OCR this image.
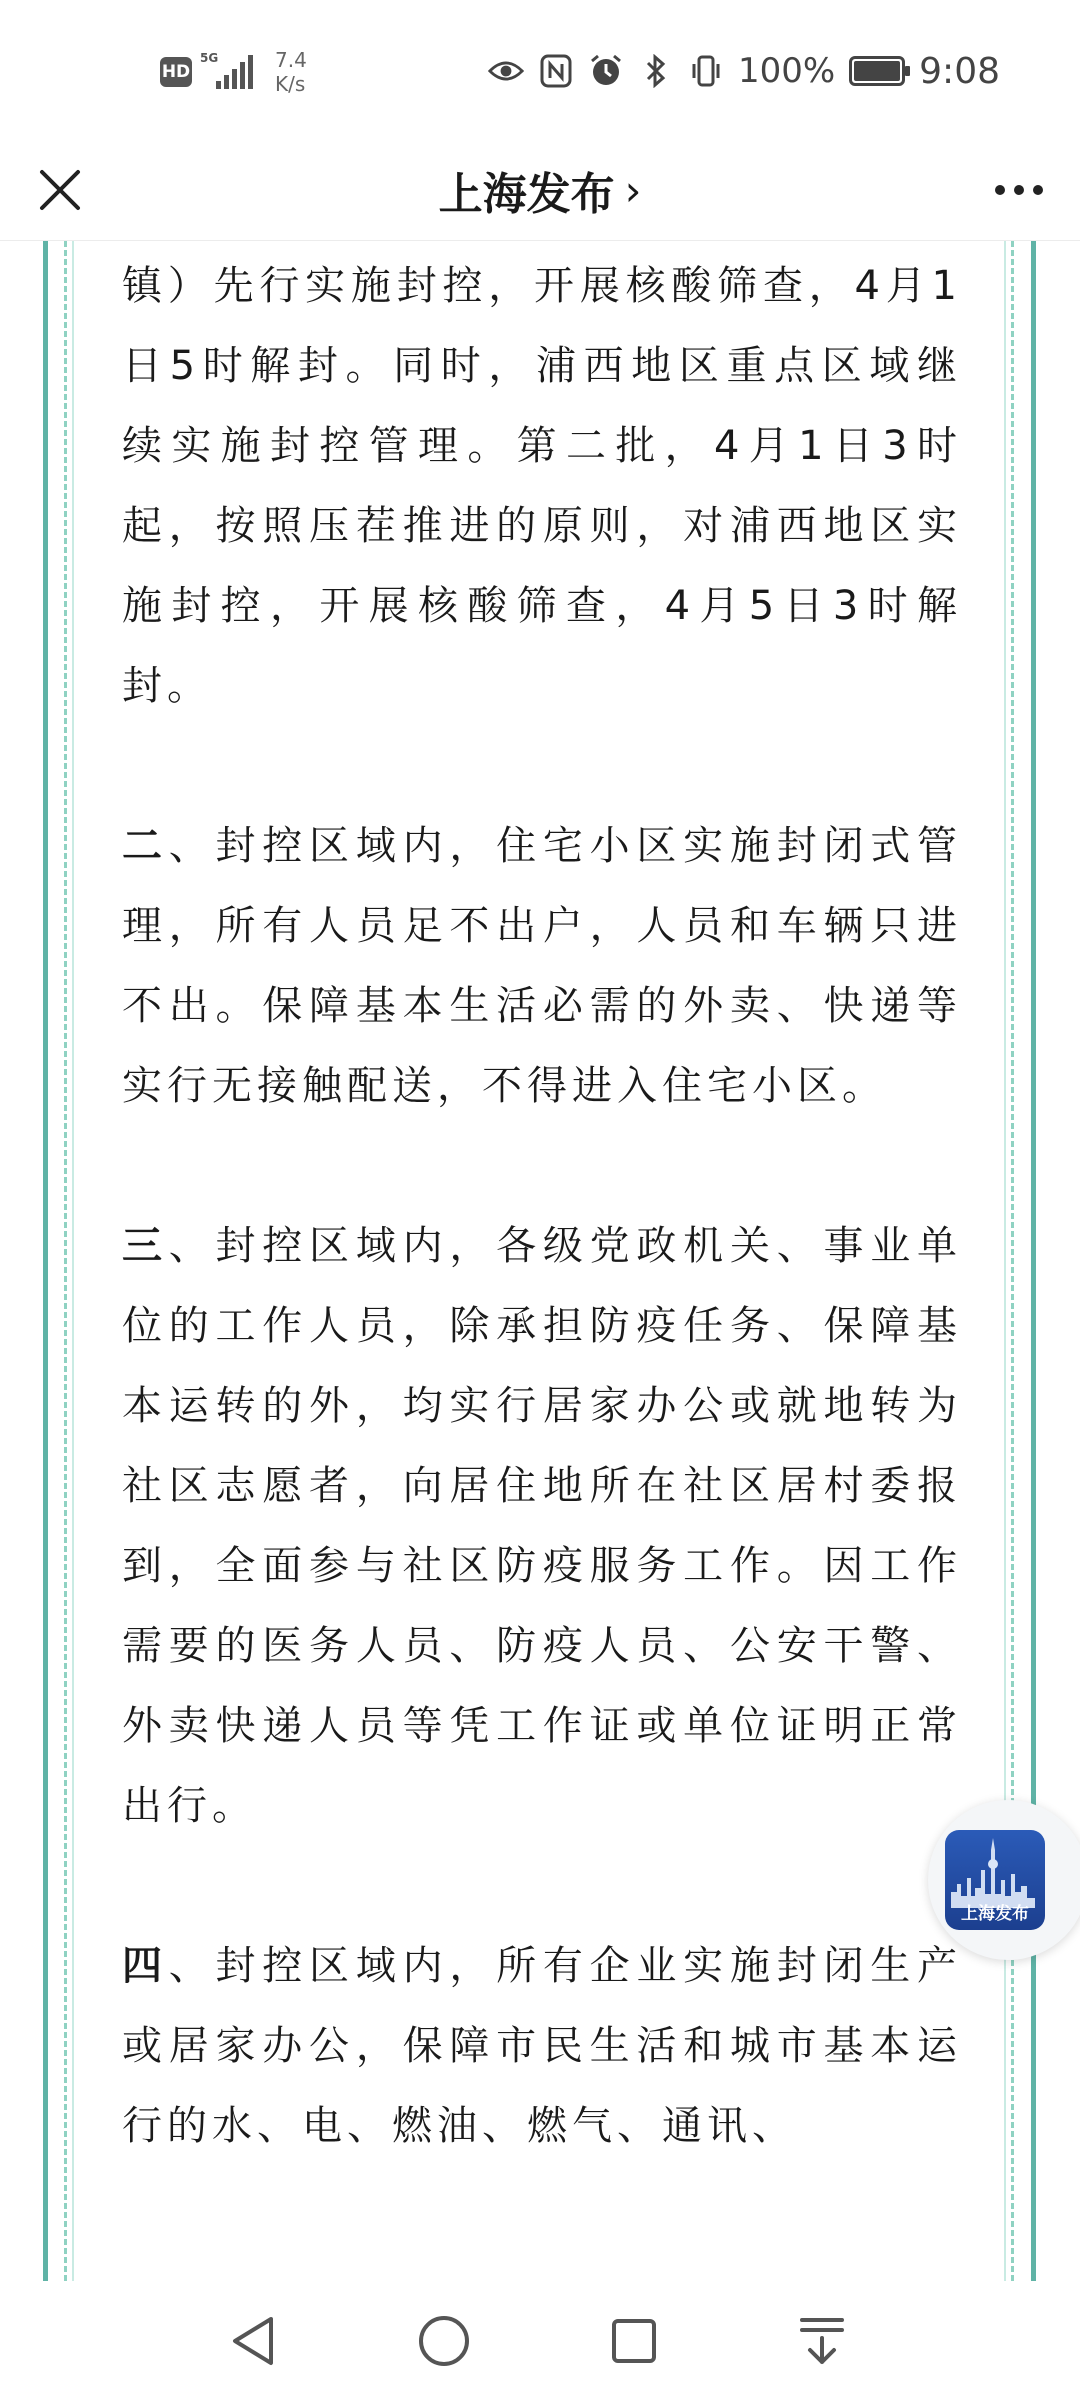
HD
5G	7.4
K/s	100% 9:08
上海发布 ›

镇）先行实施封控，开展核酸筛查，4月1日5时解封。同时，浦西地区重点区域继续实施封控管理。第二批，4月1日3时起，按照压茬推进的原则，对浦西地区实施封控，开展核酸筛查，4月5日3时解封。

二、封控区域内，住宅小区实施封闭式管理，所有人员足不出户，人员和车辆只进不出。保障基本生活必需的外卖、快递等实行无接触配送，不得进入住宅小区。

三、封控区域内，各级党政机关、事业单位的工作人员，除承担防疫任务、保障基本运转的外，均实行居家办公或就地转为社区志愿者，向居住地所在社区居村委报到，全面参与社区防疫服务工作。因工作需要的医务人员、防疫人员、公安干警、外卖快递人员等凭工作证或单位证明正常出行。

四、封控区域内，所有企业实施封闭生产或居家办公，保障市民生活和城市基本运行的水、电、燃油、燃气、通讯、

上海发布
